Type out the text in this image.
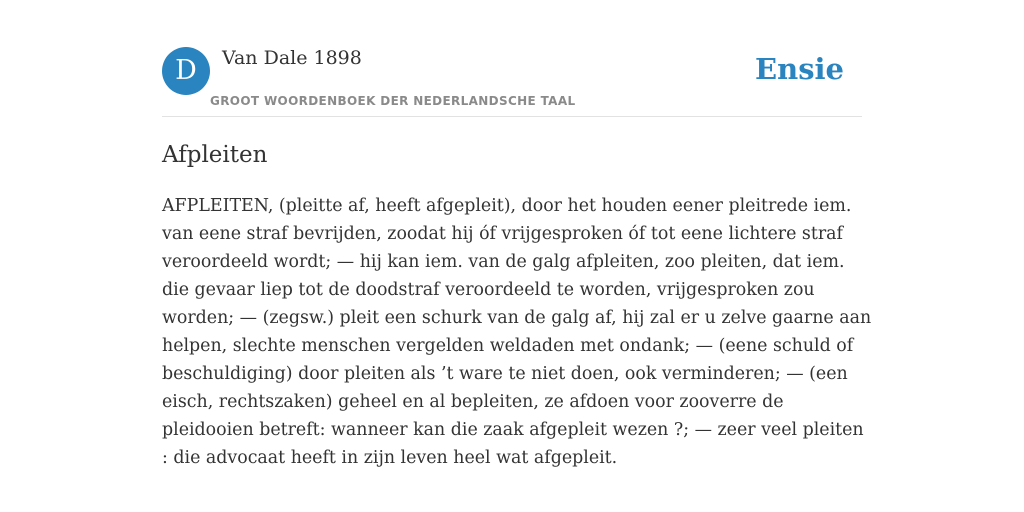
D	Van Dale 1898
GROOT WOORDENBOEK DER NEDERLANDSCHE TAAL
Ensie
Afpleiten

AFPLEITEN, (pleitte af, heeft afgepleit), door het houden eener pleitrede iem. van eene straf bevrijden, zoodat hij óf vrijgesproken óf tot eene lichtere straf veroordeeld wordt; — hij kan iem. van de galg afpleiten, zoo pleiten, dat iem. die gevaar liep tot de doodstraf veroordeeld te worden, vrijgesproken zou worden; — (zegsw.) pleit een schurk van de galg af, hij zal er u zelve gaarne aan helpen, slechte menschen vergelden weldaden met ondank; — (eene schuld of beschuldiging) door pleiten als ’t ware te niet doen, ook verminderen; — (een eisch, rechtszaken) geheel en al bepleiten, ze afdoen voor zooverre de pleidooien betreft: wanneer kan die zaak afgepleit wezen ?; — zeer veel pleiten : die advocaat heeft in zijn leven heel wat afgepleit.
